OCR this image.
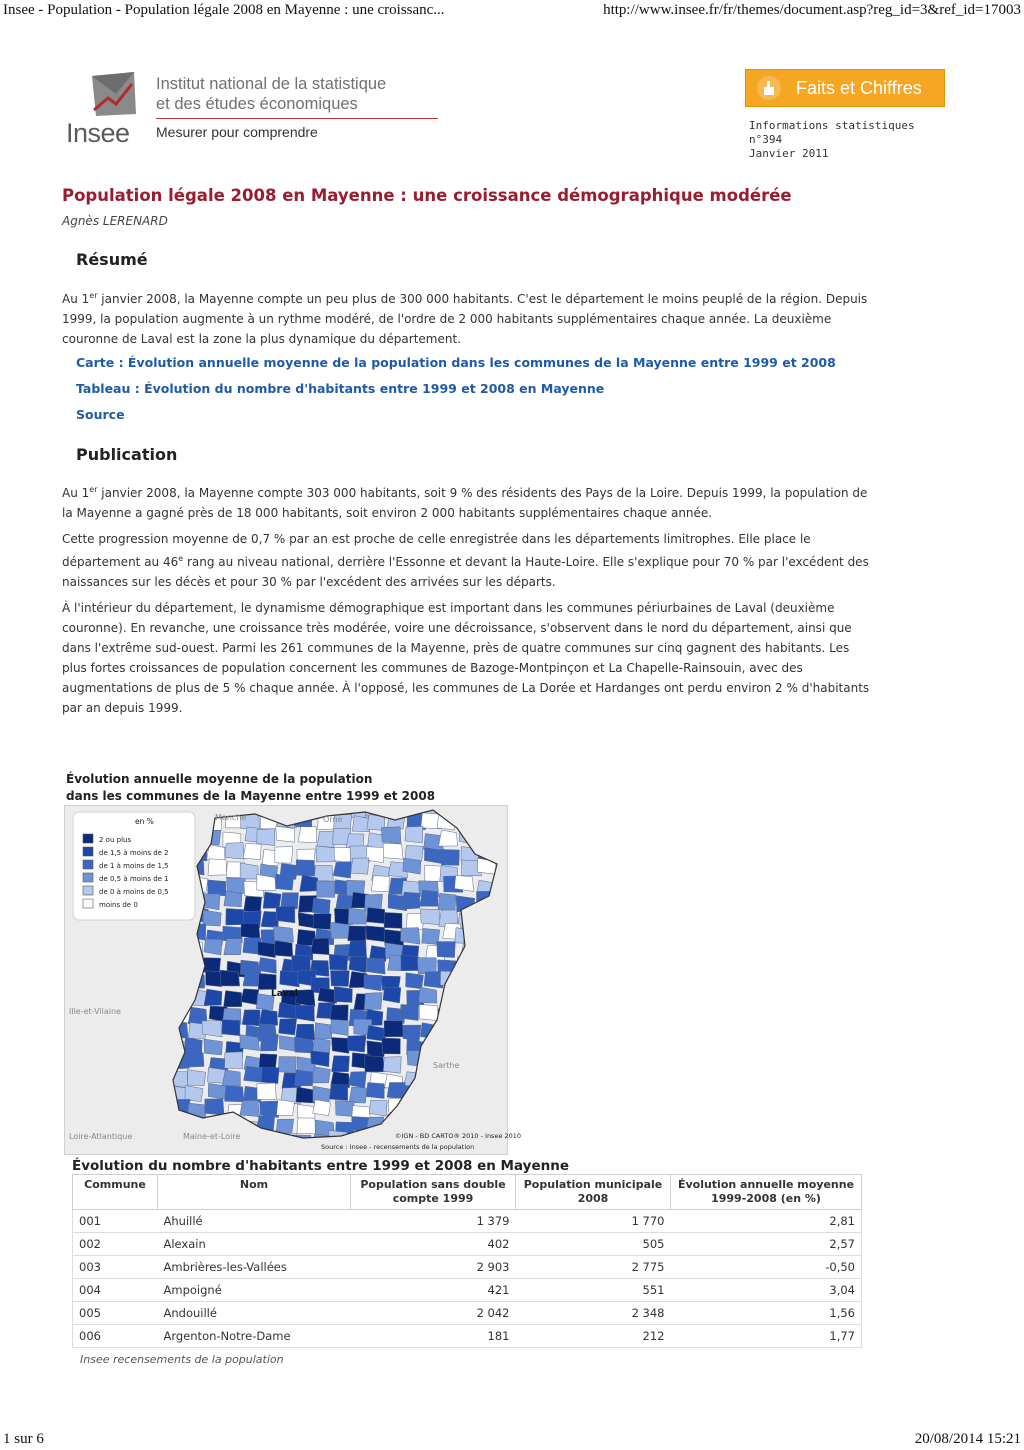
Insee - Population - Population légale 2008 en Mayenne : une croissanc...	http://www.insee.fr/fr/themes/document.asp?reg_id=3&ref_id=17003
Insee
Institut national de la statistique
et des études économiques
Mesurer pour comprendre
Faits et Chiffres
Informations statistiques
n°394
Janvier 2011
Population légale 2008 en Mayenne : une croissance démographique modérée
Agnès LERENARD
Résumé

Au 1er janvier 2008, la Mayenne compte un peu plus de 300 000 habitants. C'est le département le moins peuplé de la région. Depuis 1999, la population augmente à un rythme modéré, de l'ordre de 2 000 habitants supplémentaires chaque année. La deuxième couronne de Laval est la zone la plus dynamique du département.

Carte : Évolution annuelle moyenne de la population dans les communes de la Mayenne entre 1999 et 2008
Tableau : Évolution du nombre d'habitants entre 1999 et 2008 en Mayenne
Source
Publication

Au 1er janvier 2008, la Mayenne compte 303 000 habitants, soit 9 % des résidents des Pays de la Loire. Depuis 1999, la population de la Mayenne a gagné près de 18 000 habitants, soit environ 2 000 habitants supplémentaires chaque année.

Cette progression moyenne de 0,7 % par an est proche de celle enregistrée dans les départements limitrophes. Elle place le département au 46e rang au niveau national, derrière l'Essonne et devant la Haute-Loire. Elle s'explique pour 70 % par l'excédent des naissances sur les décès et pour 30 % par l'excédent des arrivées sur les départs.

À l'intérieur du département, le dynamisme démographique est important dans les communes périurbaines de Laval (deuxième couronne). En revanche, une croissance très modérée, voire une décroissance, s'observent dans le nord du département, ainsi que dans l'extrême sud-ouest. Parmi les 261 communes de la Mayenne, près de quatre communes sur cinq gagnent des habitants. Les plus fortes croissances de population concernent les communes de Bazoge-Montpinçon et La Chapelle-Rainsouin, avec des augmentations de plus de 5 % chaque année. À l'opposé, les communes de La Dorée et Hardanges ont perdu environ 2 % d'habitants par an depuis 1999.

Évolution annuelle moyenne de la population
dans les communes de la Mayenne entre 1999 et 2008
Manche	Orne
Laval
Ille-et-Vilaine
Sarthe
Loire-Atlantique	Maine-et-Loire
en %
2 ou plus
de 1,5 à moins de 2
de 1 à moins de 1,5
de 0,5 à moins de 1
de 0 à moins de 0,5
moins de 0
©IGN - BD CARTO® 2010 - Insee 2010
Source : Insee - recensements de la population
Évolution du nombre d'habitants entre 1999 et 2008 en Mayenne
Commune	Nom	Population sans double compte 1999	Population municipale 2008	Évolution annuelle moyenne 1999-2008 (en %)
001	Ahuillé	1 379	1 770	2,81
002	Alexain	402	505	2,57
003	Ambrières-les-Vallées	2 903	2 775	-0,50
004	Ampoigné	421	551	3,04
005	Andouillé	2 042	2 348	1,56
006	Argenton-Notre-Dame	181	212	1,77
Insee recensements de la population
1 sur 6	20/08/2014 15:21
